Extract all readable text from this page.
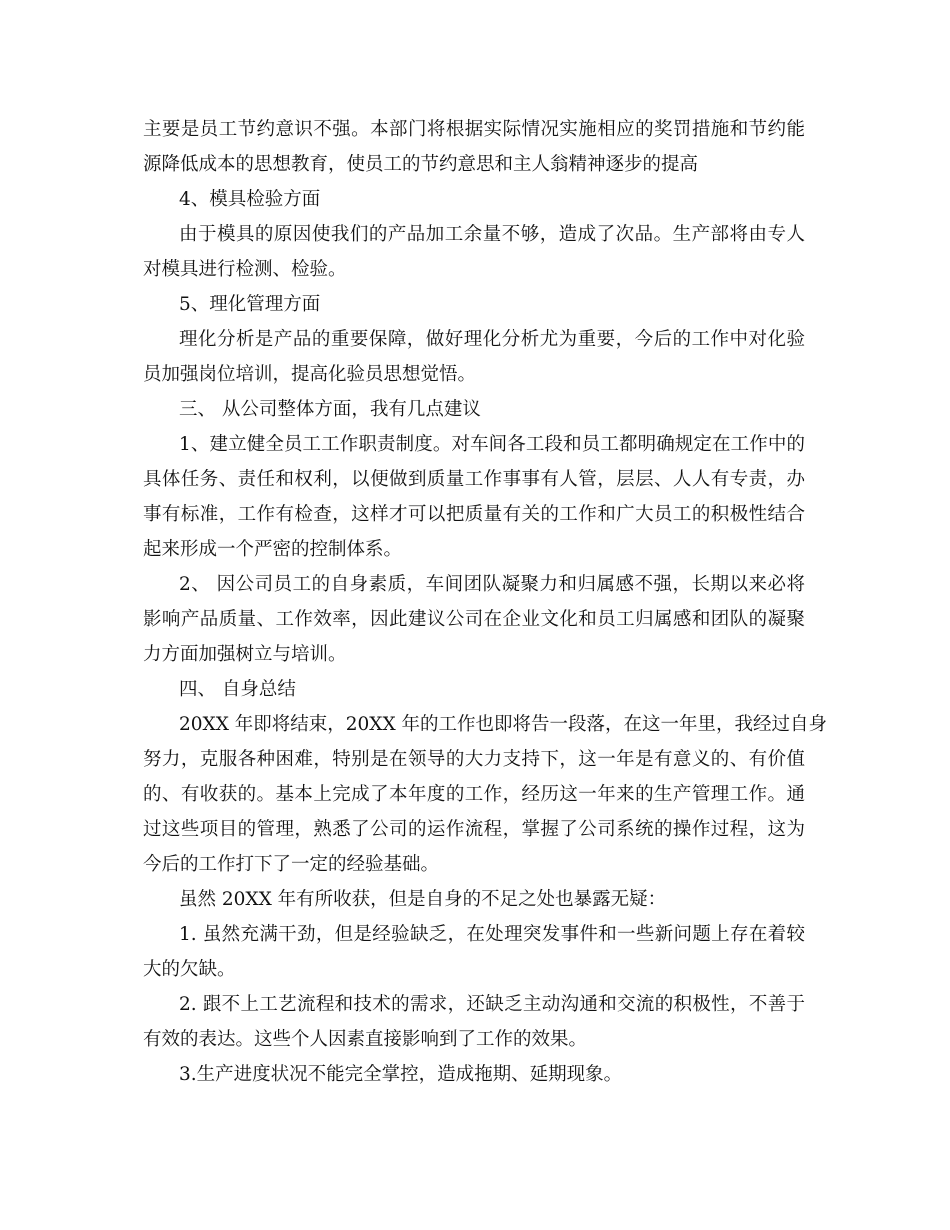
主要是员工节约意识不强。本部门将根据实际情况实施相应的奖罚措施和节约能
源降低成本的思想教育，使员工的节约意思和主人翁精神逐步的提高
4、模具检验方面
由于模具的原因使我们的产品加工余量不够，造成了次品。生产部将由专人
对模具进行检测、检验。
5、理化管理方面
理化分析是产品的重要保障，做好理化分析尤为重要，今后的工作中对化验
员加强岗位培训，提高化验员思想觉悟。
三、 从公司整体方面，我有几点建议
1、建立健全员工工作职责制度。对车间各工段和员工都明确规定在工作中的
具体任务、责任和权利，以便做到质量工作事事有人管，层层、人人有专责，办
事有标准，工作有检查，这样才可以把质量有关的工作和广大员工的积极性结合
起来形成一个严密的控制体系。
2、 因公司员工的自身素质，车间团队凝聚力和归属感不强，长期以来必将
影响产品质量、工作效率，因此建议公司在企业文化和员工归属感和团队的凝聚
力方面加强树立与培训。
四、 自身总结
20XX 年即将结束，20XX 年的工作也即将告一段落，在这一年里，我经过自身
努力，克服各种困难，特别是在领导的大力支持下，这一年是有意义的、有价值
的、有收获的。基本上完成了本年度的工作，经历这一年来的生产管理工作。通
过这些项目的管理，熟悉了公司的运作流程，掌握了公司系统的操作过程，这为
今后的工作打下了一定的经验基础。
虽然 20XX 年有所收获，但是自身的不足之处也暴露无疑：
1. 虽然充满干劲，但是经验缺乏，在处理突发事件和一些新问题上存在着较
大的欠缺。
2. 跟不上工艺流程和技术的需求，还缺乏主动沟通和交流的积极性，不善于
有效的表达。这些个人因素直接影响到了工作的效果。
3.生产进度状况不能完全掌控，造成拖期、延期现象。
